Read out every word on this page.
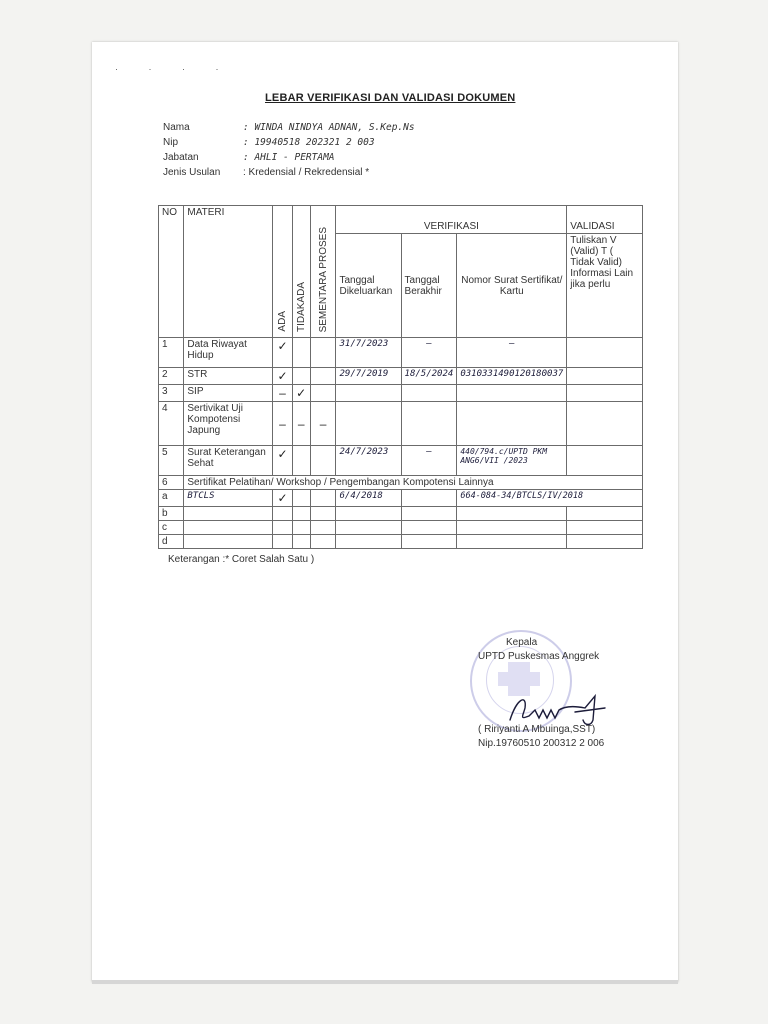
· · · ·
LEBAR VERIFIKASI DAN VALIDASI DOKUMEN
Nama	: WINDA NINDYA ADNAN, S.Kep.Ns
Nip	: 19940518 202321 2 003
Jabatan	: AHLI - PERTAMA
Jenis Usulan	: Kredensial / Rekredensial *
NO	MATERI	ADA	TIDAKADA	SEMENTARA PROSES	VERIFIKASI			VALIDASI
					Tanggal Dikeluarkan	Tanggal Berakhir	Nomor Surat Sertifikat/ Kartu	Tuliskan V (Valid) T ( Tidak Valid) Informasi Lain jika perlu
1	Data Riwayat Hidup	✓			31/7/2023	–	–	
2	STR	✓			29/7/2019	18/5/2024	0310331490120180037	
3	SIP	–	✓					
4	Sertivikat Uji Kompotensi Japung	–	–	–				
5	Surat Keterangan Sehat	✓			24/7/2023	–	440/794.c/UPTD PKM ANG6/VII /2023	
6	Sertifikat Pelatihan/ Workshop / Pengembangan Kompotensi Lainnya							
a	BTCLS	✓			6/4/2018		664-084-34/BTCLS/IV/2018	
b								
c								
d								
Keterangan :* Coret Salah Satu )
Kepala
UPTD Puskesmas Anggrek
( Ririyanti A Mbuinga,SST)
Nip.19760510 200312 2 006
